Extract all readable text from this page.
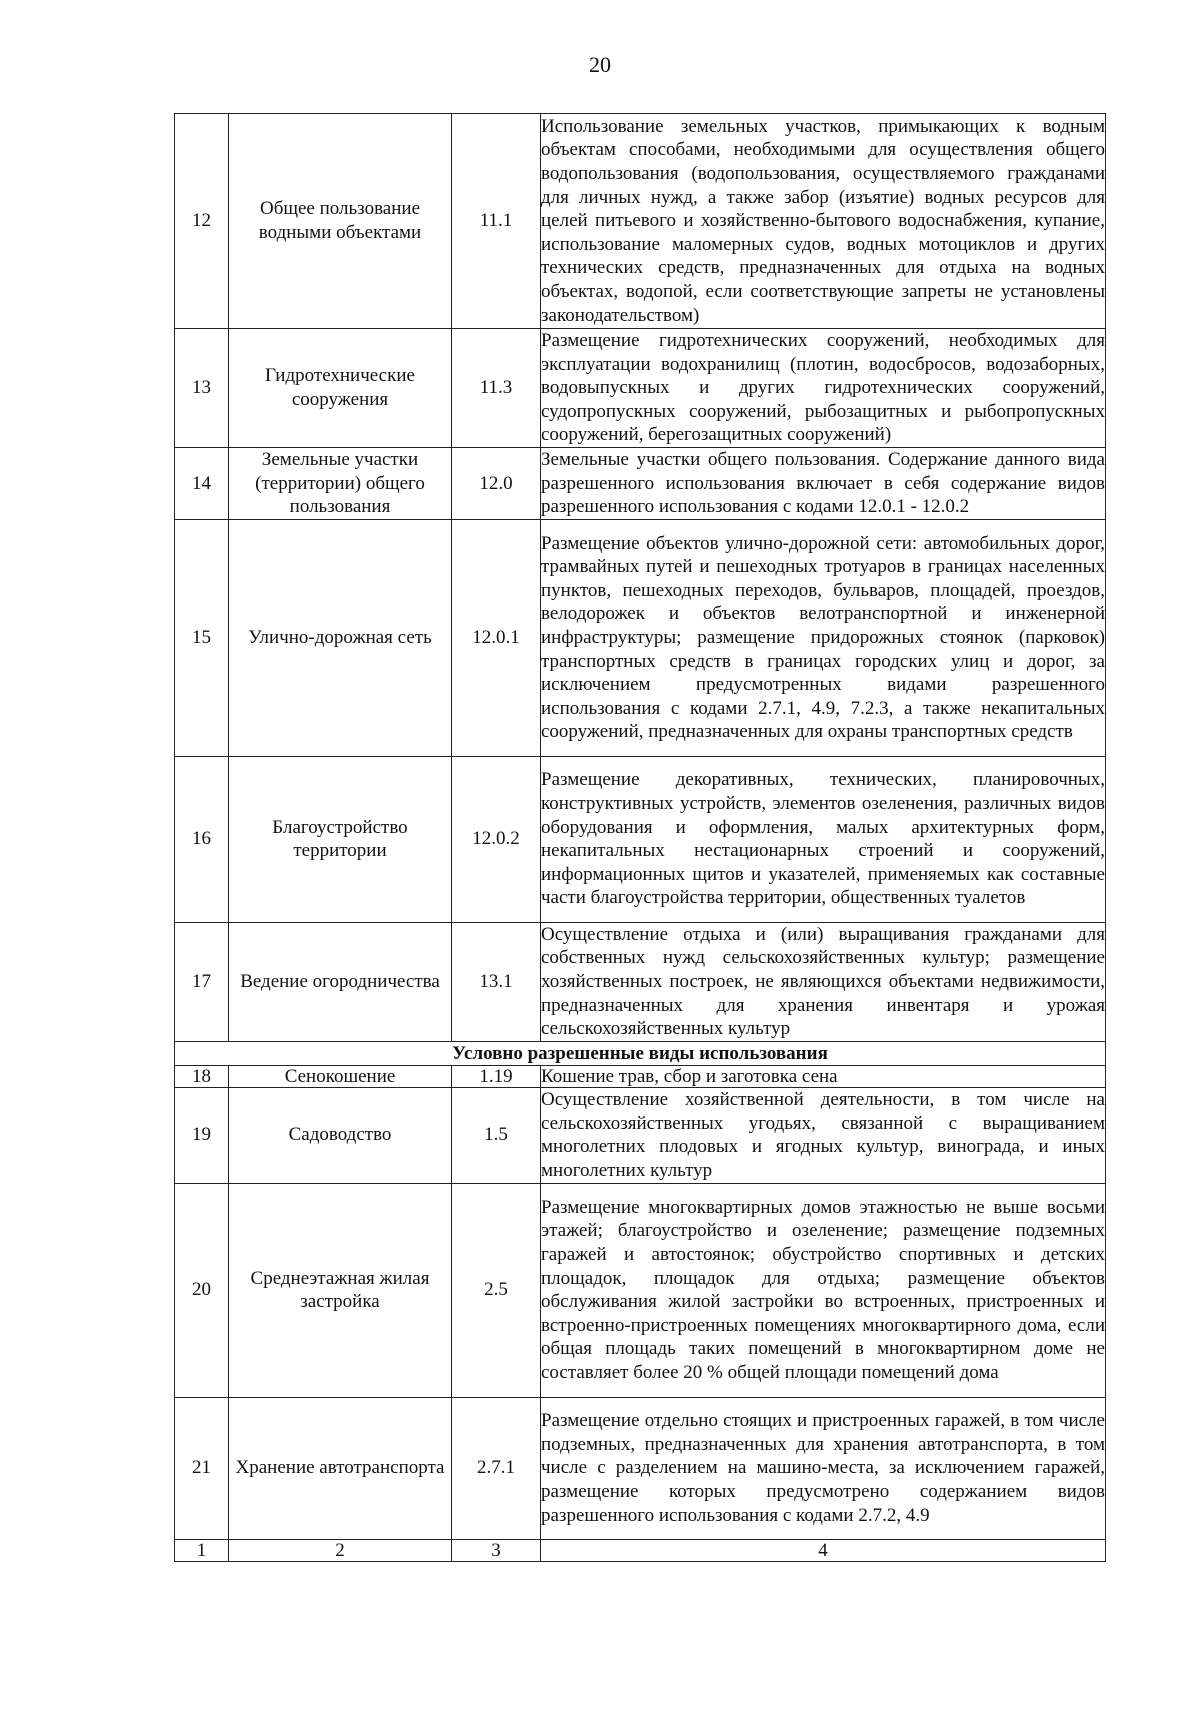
20
12	Общее пользование водными объектами	11.1	Использование земельных участков, примыкающих к водным объектам способами, необходимыми для осуществления общего водопользования (водопользования, осуществляемого гражданами для личных нужд, а также забор (изъятие) водных ресурсов для целей питьевого и хозяйственно-бытового водоснабжения, купание, использование маломерных судов, водных мотоциклов и других технических средств, предназначенных для отдыха на водных объектах, водопой, если соответствующие запреты не установлены законодательством)
13	Гидротехнические сооружения	11.3	Размещение гидротехнических сооружений, необходимых для эксплуатации водохранилищ (плотин, водосбросов, водозаборных, водовыпускных и других гидротехнических сооружений, судопропускных сооружений, рыбозащитных и рыбопропускных сооружений, берегозащитных сооружений)
14	Земельные участки (территории) общего пользования	12.0	Земельные участки общего пользования. Содержание данного вида разрешенного использования включает в себя содержание видов разрешенного использования с кодами 12.0.1 - 12.0.2
15	Улично-дорожная сеть	12.0.1	Размещение объектов улично-дорожной сети: автомобильных дорог, трамвайных путей и пешеходных тротуаров в границах населенных пунктов, пешеходных переходов, бульваров, площадей, проездов, велодорожек и объектов велотранспортной и инженерной инфраструктуры; размещение придорожных стоянок (парковок) транспортных средств в границах городских улиц и дорог, за исключением предусмотренных видами разрешенного использования с кодами 2.7.1, 4.9, 7.2.3, а также некапитальных сооружений, предназначенных для охраны транспортных средств
16	Благоустройство территории	12.0.2	Размещение декоративных, технических, планировочных, конструктивных устройств, элементов озеленения, различных видов оборудования и оформления, малых архитектурных форм, некапитальных нестационарных строений и сооружений, информационных щитов и указателей, применяемых как составные части благоустройства территории, общественных туалетов
17	Ведение огородничества	13.1	Осуществление отдыха и (или) выращивания гражданами для собственных нужд сельскохозяйственных культур; размещение хозяйственных построек, не являющихся объектами недвижимости, предназначенных для хранения инвентаря и урожая сельскохозяйственных культур
Условно разрешенные виды использования			
18	Сенокошение	1.19	Кошение трав, сбор и заготовка сена
19	Садоводство	1.5	Осуществление хозяйственной деятельности, в том числе на сельскохозяйственных угодьях, связанной с выращиванием многолетних плодовых и ягодных культур, винограда, и иных многолетних культур
20	Среднеэтажная жилая застройка	2.5	Размещение многоквартирных домов этажностью не выше восьми этажей; благоустройство и озеленение; размещение подземных гаражей и автостоянок; обустройство спортивных и детских площадок, площадок для отдыха; размещение объектов обслуживания жилой застройки во встроенных, пристроенных и встроенно-пристроенных помещениях многоквартирного дома, если общая площадь таких помещений в многоквартирном доме не составляет более 20 % общей площади помещений дома
21	Хранение автотранспорта	2.7.1	Размещение отдельно стоящих и пристроенных гаражей, в том числе подземных, предназначенных для хранения автотранспорта, в том числе с разделением на машино-места, за исключением гаражей, размещение которых предусмотрено содержанием видов разрешенного использования с кодами 2.7.2, 4.9
1	2	3	4
